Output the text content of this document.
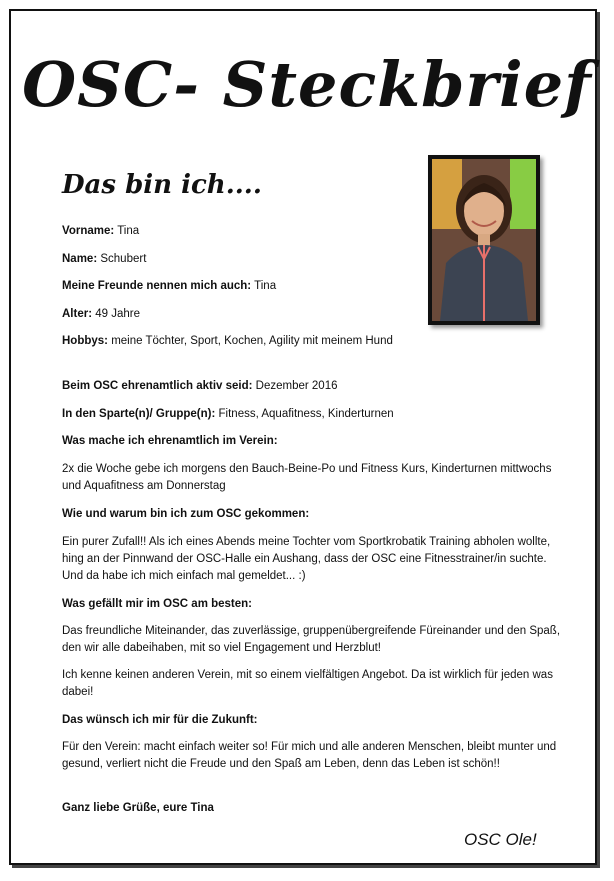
OSC- Steckbrief
Das bin ich....

Vorname: Tina

Name: Schubert

Meine Freunde nennen mich auch: Tina

Alter: 49 Jahre

Hobbys: meine Töchter, Sport, Kochen, Agility mit meinem Hund

Beim OSC ehrenamtlich aktiv seid: Dezember 2016

In den Sparte(n)/ Gruppe(n): Fitness, Aquafitness, Kinderturnen

Was mache ich ehrenamtlich im Verein:

2x die Woche gebe ich morgens den Bauch-Beine-Po und Fitness Kurs, Kinderturnen mittwochs und Aquafitness am Donnerstag

Wie und warum bin ich zum OSC gekommen:

Ein purer Zufall!! Als ich eines Abends meine Tochter vom Sportkrobatik Training abholen wollte, hing an der Pinnwand der OSC-Halle ein Aushang, dass der OSC eine Fitnesstrainer/in suchte. Und da habe ich mich einfach mal gemeldet... :)

Was gefällt mir im OSC am besten:

Das freundliche Miteinander, das zuverlässige, gruppenübergreifende Füreinander und den Spaß, den wir alle dabeihaben, mit so viel Engagement und Herzblut!

Ich kenne keinen anderen Verein, mit so einem vielfältigen Angebot. Da ist wirklich für jeden was dabei!

Das wünsch ich mir für die Zukunft:

Für den Verein: macht einfach weiter so! Für mich und alle anderen Menschen, bleibt munter und gesund, verliert nicht die Freude und den Spaß am Leben, denn das Leben ist schön!!

Ganz liebe Grüße, eure Tina

OSC Ole!
